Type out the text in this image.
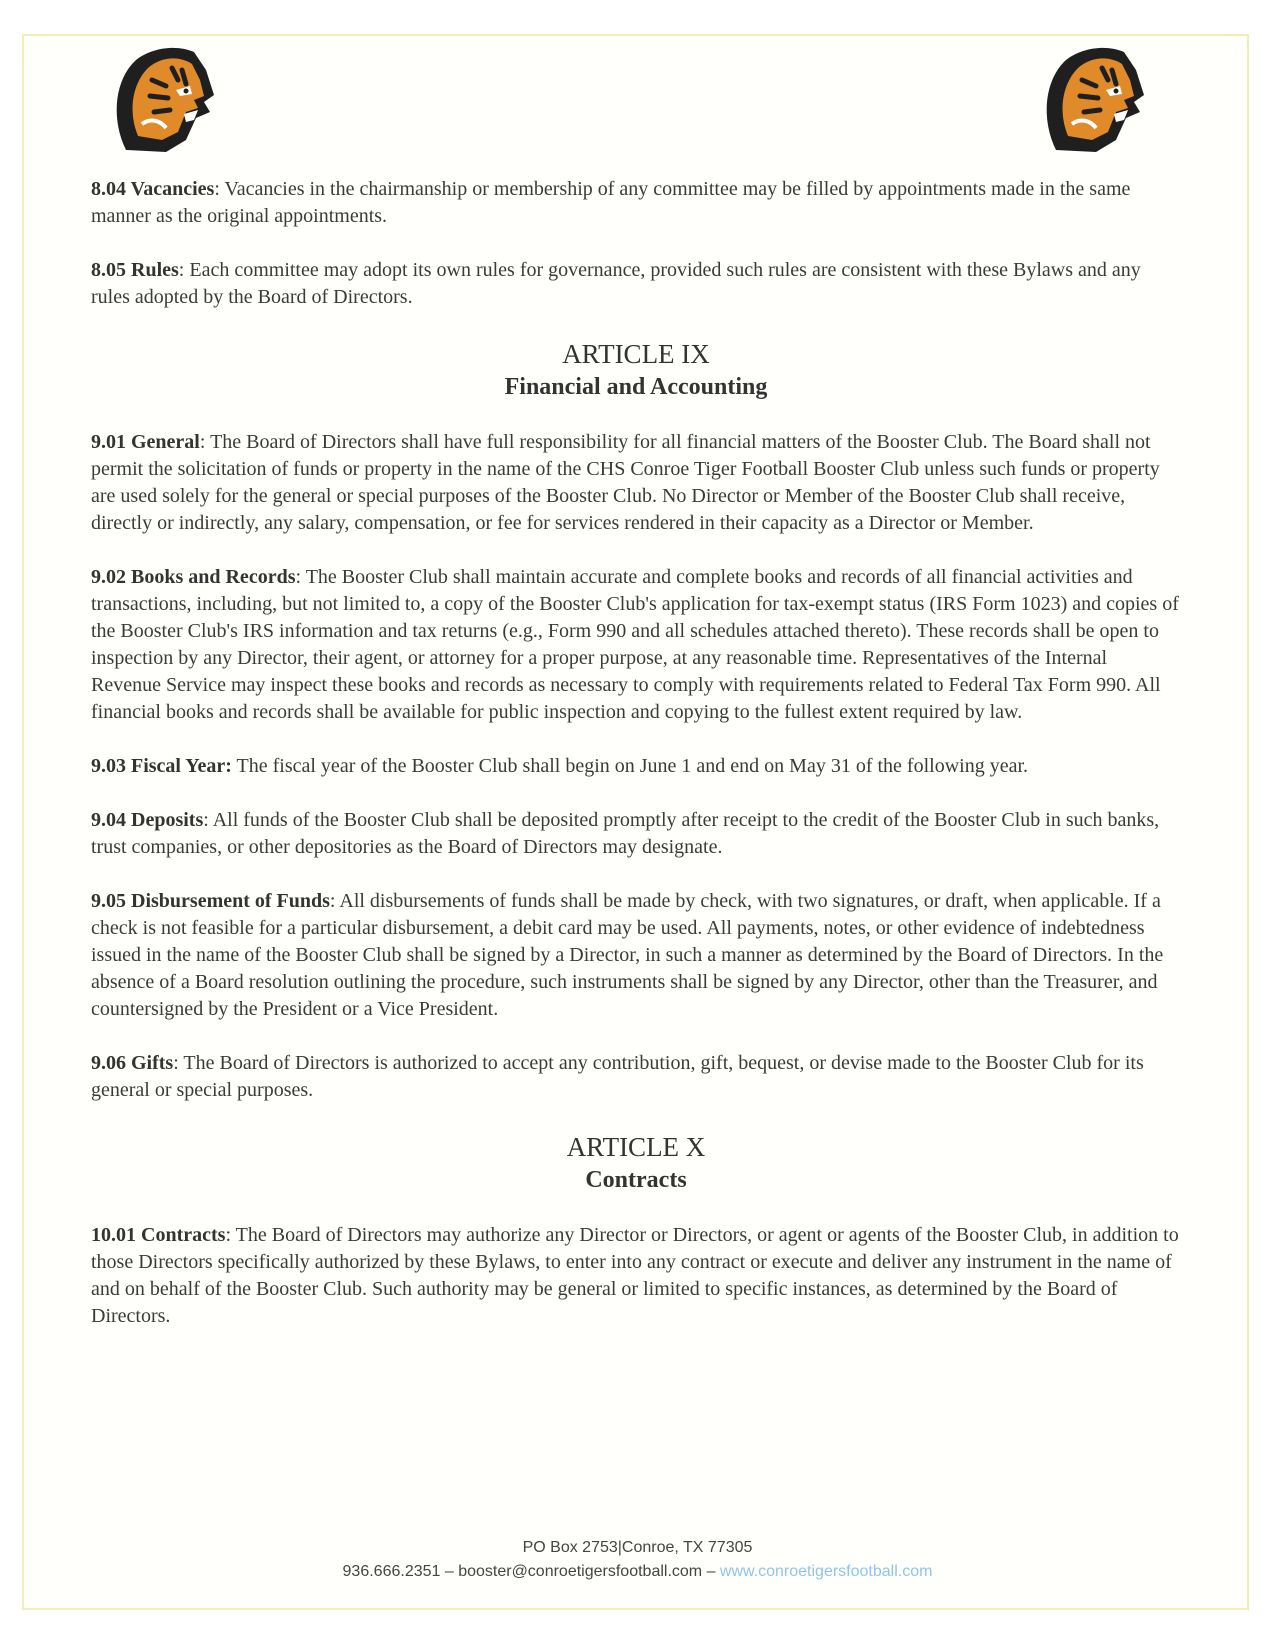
8.04 Vacancies: Vacancies in the chairmanship or membership of any committee may be filled by appointments made in the same manner as the original appointments.

8.05 Rules: Each committee may adopt its own rules for governance, provided such rules are consistent with these Bylaws and any rules adopted by the Board of Directors.

ARTICLE IX
Financial and Accounting

9.01 General: The Board of Directors shall have full responsibility for all financial matters of the Booster Club. The Board shall not permit the solicitation of funds or property in the name of the CHS Conroe Tiger Football Booster Club unless such funds or property are used solely for the general or special purposes of the Booster Club. No Director or Member of the Booster Club shall receive, directly or indirectly, any salary, compensation, or fee for services rendered in their capacity as a Director or Member.

9.02 Books and Records: The Booster Club shall maintain accurate and complete books and records of all financial activities and transactions, including, but not limited to, a copy of the Booster Club's application for tax-exempt status (IRS Form 1023) and copies of the Booster Club's IRS information and tax returns (e.g., Form 990 and all schedules attached thereto). These records shall be open to inspection by any Director, their agent, or attorney for a proper purpose, at any reasonable time. Representatives of the Internal Revenue Service may inspect these books and records as necessary to comply with requirements related to Federal Tax Form 990. All financial books and records shall be available for public inspection and copying to the fullest extent required by law.

9.03 Fiscal Year: The fiscal year of the Booster Club shall begin on June 1 and end on May 31 of the following year.

9.04 Deposits: All funds of the Booster Club shall be deposited promptly after receipt to the credit of the Booster Club in such banks, trust companies, or other depositories as the Board of Directors may designate.

9.05 Disbursement of Funds: All disbursements of funds shall be made by check, with two signatures, or draft, when applicable. If a check is not feasible for a particular disbursement, a debit card may be used. All payments, notes, or other evidence of indebtedness issued in the name of the Booster Club shall be signed by a Director, in such a manner as determined by the Board of Directors. In the absence of a Board resolution outlining the procedure, such instruments shall be signed by any Director, other than the Treasurer, and countersigned by the President or a Vice President.

9.06 Gifts: The Board of Directors is authorized to accept any contribution, gift, bequest, or devise made to the Booster Club for its general or special purposes.

ARTICLE X
Contracts

10.01 Contracts: The Board of Directors may authorize any Director or Directors, or agent or agents of the Booster Club, in addition to those Directors specifically authorized by these Bylaws, to enter into any contract or execute and deliver any instrument in the name of and on behalf of the Booster Club. Such authority may be general or limited to specific instances, as determined by the Board of Directors.

PO Box 2753|Conroe, TX 77305
936.666.2351 – booster@conroetigersfootball.com – www.conroetigersfootball.com
